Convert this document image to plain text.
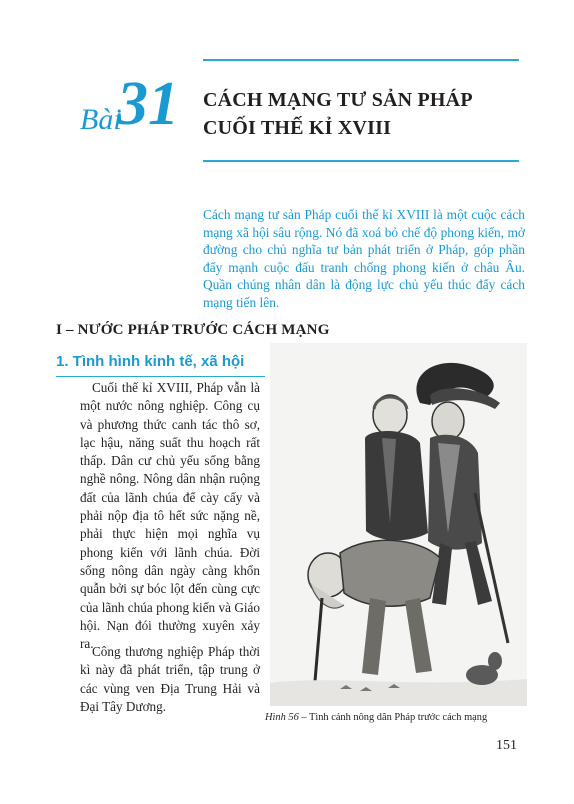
Bài
31 CÁCH MẠNG TƯ SẢN PHÁP
CUỐI THẾ KỈ XVIII

Cách mạng tư sản Pháp cuối thế kỉ XVIII là một cuộc cách mạng xã hội sâu rộng. Nó đã xoá bỏ chế độ phong kiến, mở đường cho chủ nghĩa tư bản phát triển ở Pháp, góp phần đẩy mạnh cuộc đấu tranh chống phong kiến ở châu Âu. Quần chúng nhân dân là động lực chủ yếu thúc đẩy cách mạng tiến lên.

I – NƯỚC PHÁP TRƯỚC CÁCH MẠNG
1. Tình hình kinh tế, xã hội

Cuối thế kỉ XVIII, Pháp vẫn là một nước nông nghiệp. Công cụ và phương thức canh tác thô sơ, lạc hậu, năng suất thu hoạch rất thấp. Dân cư chủ yếu sống bằng nghề nông. Nông dân nhận ruộng đất của lãnh chúa để cày cấy và phải nộp địa tô hết sức nặng nề, phải thực hiện mọi nghĩa vụ phong kiến với lãnh chúa. Đời sống nông dân ngày càng khốn quẫn bởi sự bóc lột đến cùng cực của lãnh chúa phong kiến và Giáo hội. Nạn đói thường xuyên xảy ra.

Công thương nghiệp Pháp thời kì này đã phát triển, tập trung ở các vùng ven Địa Trung Hải và Đại Tây Dương.

Hình 56 – Tình cảnh nông dân Pháp trước cách mạng

151
